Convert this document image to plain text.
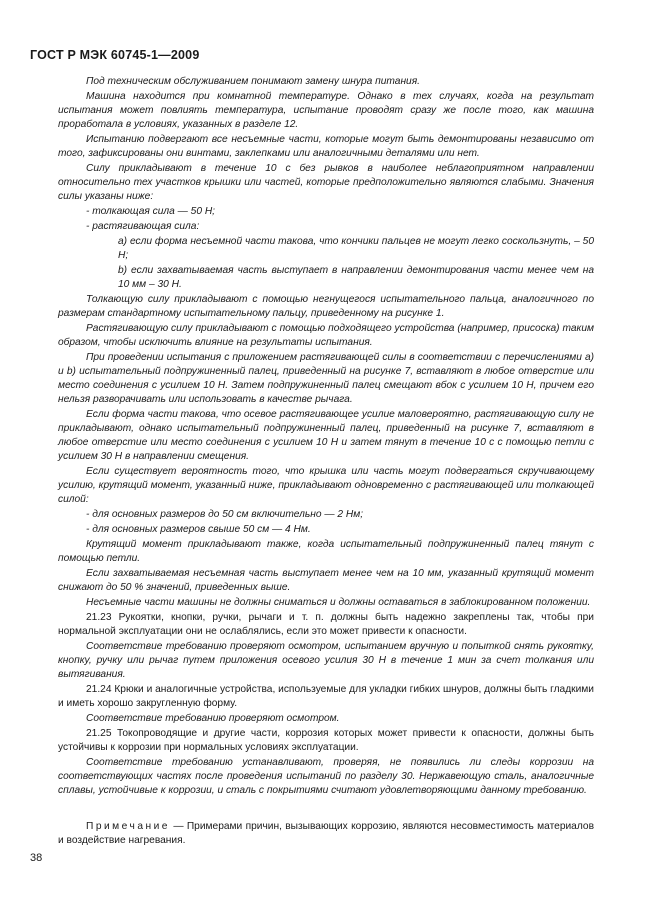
ГОСТ Р МЭК 60745-1—2009

Под техническим обслуживанием понимают замену шнура питания.

Машина находится при комнатной температуре. Однако в тех случаях, когда на результат испытания может повлиять температура, испытание проводят сразу же после того, как машина проработала в условиях, указанных в разделе 12.

Испытанию подвергают все несъемные части, которые могут быть демонтированы независимо от того, зафиксированы они винтами, заклепками или аналогичными деталями или нет.

Силу прикладывают в течение 10 с без рывков в наиболее неблагоприятном направлении относительно тех участков крышки или частей, которые предположительно являются слабыми. Значения силы указаны ниже:

- толкающая сила — 50 Н;

- растягивающая сила:

a) если форма несъемной части такова, что кончики пальцев не могут легко соскользнуть, – 50 Н;

b) если захватываемая часть выступает в направлении демонтирования части менее чем на 10 мм – 30 Н.

Толкающую силу прикладывают с помощью негнущегося испытательного пальца, аналогичного по размерам стандартному испытательному пальцу, приведенному на рисунке 1.

Растягивающую силу прикладывают с помощью подходящего устройства (например, присоска) таким образом, чтобы исключить влияние на результаты испытания.

При проведении испытания с приложением растягивающей силы в соответствии с перечислениями a) и b) испытательный подпружиненный палец, приведенный на рисунке 7, вставляют в любое отверстие или место соединения с усилием 10 Н. Затем подпружиненный палец смещают вбок с усилием 10 Н, причем его нельзя разворачивать или использовать в качестве рычага.

Если форма части такова, что осевое растягивающее усилие маловероятно, растягивающую силу не прикладывают, однако испытательный подпружиненный палец, приведенный на рисунке 7, вставляют в любое отверстие или место соединения с усилием 10 Н и затем тянут в течение 10 с с помощью петли с усилием 30 Н в направлении смещения.

Если существует вероятность того, что крышка или часть могут подвергаться скручивающему усилию, крутящий момент, указанный ниже, прикладывают одновременно с растягивающей или толкающей силой:

- для основных размеров до 50 см включительно — 2 Нм;

- для основных размеров свыше 50 см — 4 Нм.

Крутящий момент прикладывают также, когда испытательный подпружиненный палец тянут с помощью петли.

Если захватываемая несъемная часть выступает менее чем на 10 мм, указанный крутящий момент снижают до 50 % значений, приведенных выше.

Несъемные части машины не должны сниматься и должны оставаться в заблокированном положении.

21.23 Рукоятки, кнопки, ручки, рычаги и т. п. должны быть надежно закреплены так, чтобы при нормальной эксплуатации они не ослаблялись, если это может привести к опасности.

Соответствие требованию проверяют осмотром, испытанием вручную и попыткой снять рукоятку, кнопку, ручку или рычаг путем приложения осевого усилия 30 Н в течение 1 мин за счет толкания или вытягивания.

21.24 Крюки и аналогичные устройства, используемые для укладки гибких шнуров, должны быть гладкими и иметь хорошо закругленную форму.

Соответствие требованию проверяют осмотром.

21.25 Токопроводящие и другие части, коррозия которых может привести к опасности, должны быть устойчивы к коррозии при нормальных условиях эксплуатации.

Соответствие требованию устанавливают, проверяя, не появились ли следы коррозии на соответствующих частях после проведения испытаний по разделу 30. Нержавеющую сталь, аналогичные сплавы, устойчивые к коррозии, и сталь с покрытиями считают удовлетворяющими данному требованию.

Примечание — Примерами причин, вызывающих коррозию, являются несовместимость материалов и воздействие нагревания.

38
